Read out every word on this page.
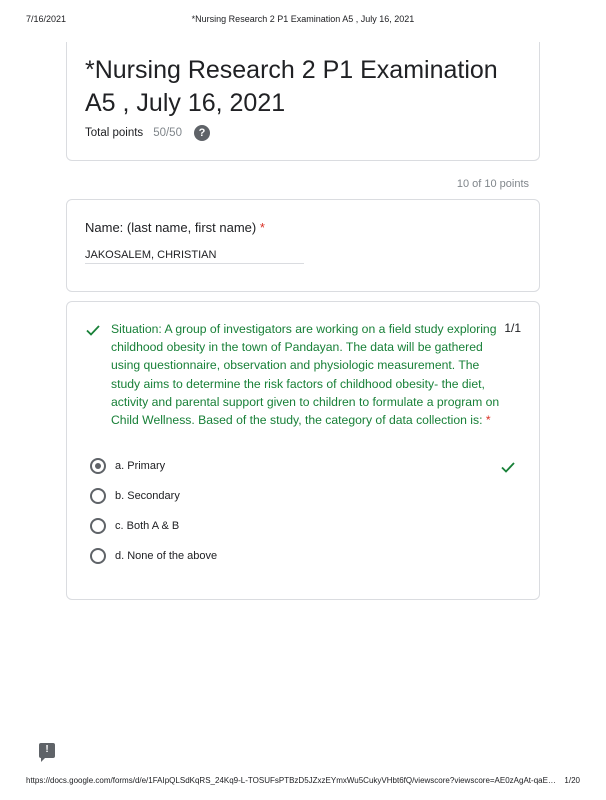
7/16/2021	*Nursing Research 2 P1 Examination A5 , July 16, 2021
*Nursing Research 2 P1 Examination A5 , July 16, 2021
Total points 50/50	?
10 of 10 points
Name: (last name, first name) *
JAKOSALEM, CHRISTIAN
Situation: A group of investigators are working on a field study exploring childhood obesity in the town of Pandayan. The data will be gathered using questionnaire, observation and physiologic measurement. The study aims to determine the risk factors of childhood obesity- the diet, activity and parental support given to children to formulate a program on Child Wellness. Based of the study, the category of data collection is: *
1/1
a. Primary
b. Secondary
c. Both A & B
d. None of the above
!
https://docs.google.com/forms/d/e/1FAIpQLSdKqRS_24Kq9-L-TOSUFsPTBzD5JZxzEYmxWu5CukyVHbt6fQ/viewscore?viewscore=AE0zAgAt-qaE… 1/20
